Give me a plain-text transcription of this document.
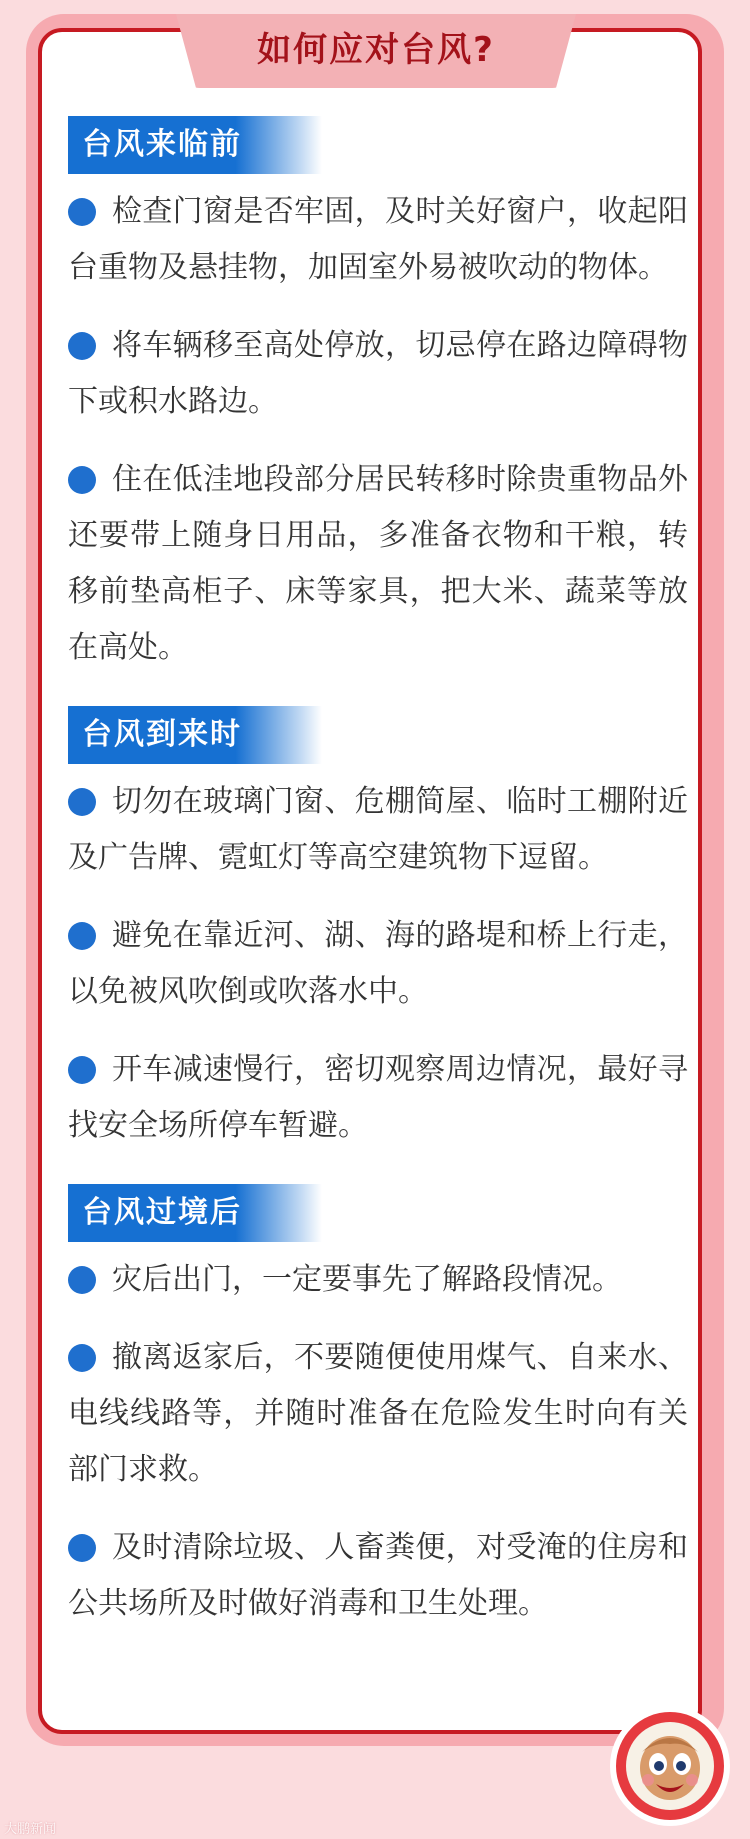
如何应对台风?
台风来临前
检查门窗是否牢固，及时关好窗户，收起阳台重物及悬挂物，加固室外易被吹动的物体。
将车辆移至高处停放，切忌停在路边障碍物下或积水路边。
住在低洼地段部分居民转移时除贵重物品外还要带上随身日用品，多准备衣物和干粮，转移前垫高柜子、床等家具，把大米、蔬菜等放在高处。
台风到来时
切勿在玻璃门窗、危棚简屋、临时工棚附近及广告牌、霓虹灯等高空建筑物下逗留。
避免在靠近河、湖、海的路堤和桥上行走，以免被风吹倒或吹落水中。
开车减速慢行，密切观察周边情况，最好寻找安全场所停车暂避。
台风过境后
灾后出门，一定要事先了解路段情况。
撤离返家后，不要随便使用煤气、自来水、电线线路等，并随时准备在危险发生时向有关部门求救。
及时清除垃圾、人畜粪便，对受淹的住房和公共场所及时做好消毒和卫生处理。
大鹏新闻
